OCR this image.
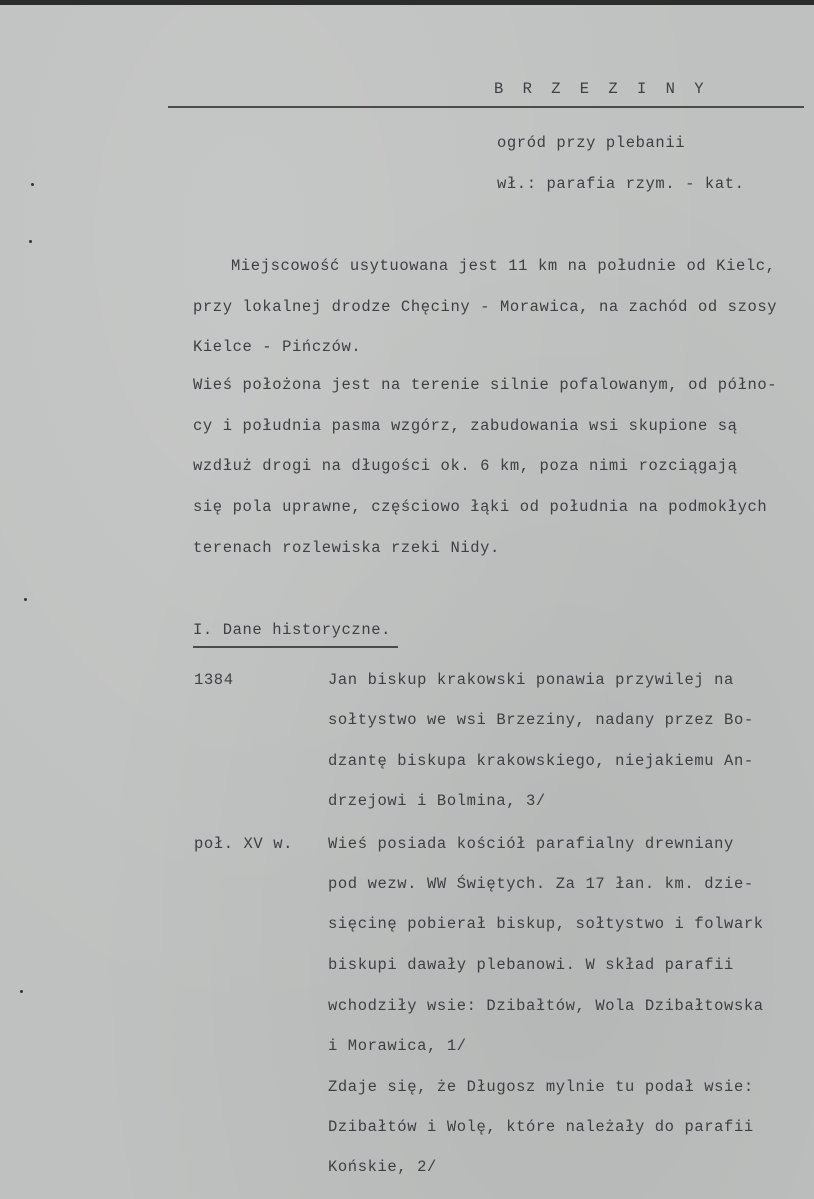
B R Z E Z I N Y
ogród przy plebanii
wł.: parafia rzym. - kat.
Miejscowość usytuowana jest 11 km na południe od Kielc,
przy lokalnej drodze Chęciny - Morawica, na zachód od szosy
Kielce - Pińczów.
Wieś położona jest na terenie silnie pofalowanym, od półno-
cy i południa pasma wzgórz, zabudowania wsi skupione są
wzdłuż drogi na długości ok. 6 km, poza nimi rozciągają
się pola uprawne, częściowo łąki od południa na podmokłych
terenach rozlewiska rzeki Nidy.
I. Dane historyczne.
1384	Jan biskup krakowski ponawia przywilej na
sołtystwo we wsi Brzeziny, nadany przez Bo-
dzantę biskupa krakowskiego, niejakiemu An-
drzejowi i Bolmina, 3/
poł. XV w. Wieś posiada kościół parafialny drewniany
pod wezw. WW Świętych. Za 17 łan. km. dzie-
sięcinę pobierał biskup, sołtystwo i folwark
biskupi dawały plebanowi. W skład parafii
wchodziły wsie: Dzibałtów, Wola Dzibałtowska
i Morawica, 1/
Zdaje się, że Długosz mylnie tu podał wsie:
Dzibałtów i Wolę, które należały do parafii
Końskie, 2/
